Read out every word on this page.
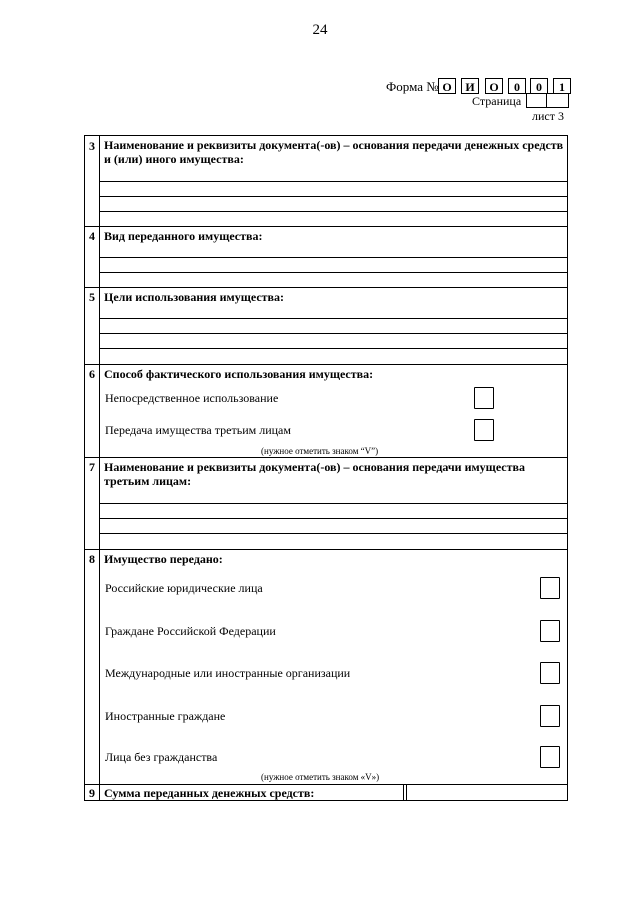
24
Форма № О	И	О	0	0	1
Страница
лист 3
3 Наименование и реквизиты документа(-ов) – основания передачи денежных средств и (или) иного имущества:
4 Вид переданного имущества:
5 Цели использования имущества:
6 Способ фактического использования имущества:
Непосредственное использование
Передача имущества третьим лицам
(нужное отметить знаком “V”)
7 Наименование и реквизиты документа(-ов) – основания передачи имущества третьим лицам:
8 Имущество передано:
Российские юридические лица
Граждане Российской Федерации
Международные или иностранные организации
Иностранные граждане
Лица без гражданства
(нужное отметить знаком «V»)
9 Сумма переданных денежных средств:
